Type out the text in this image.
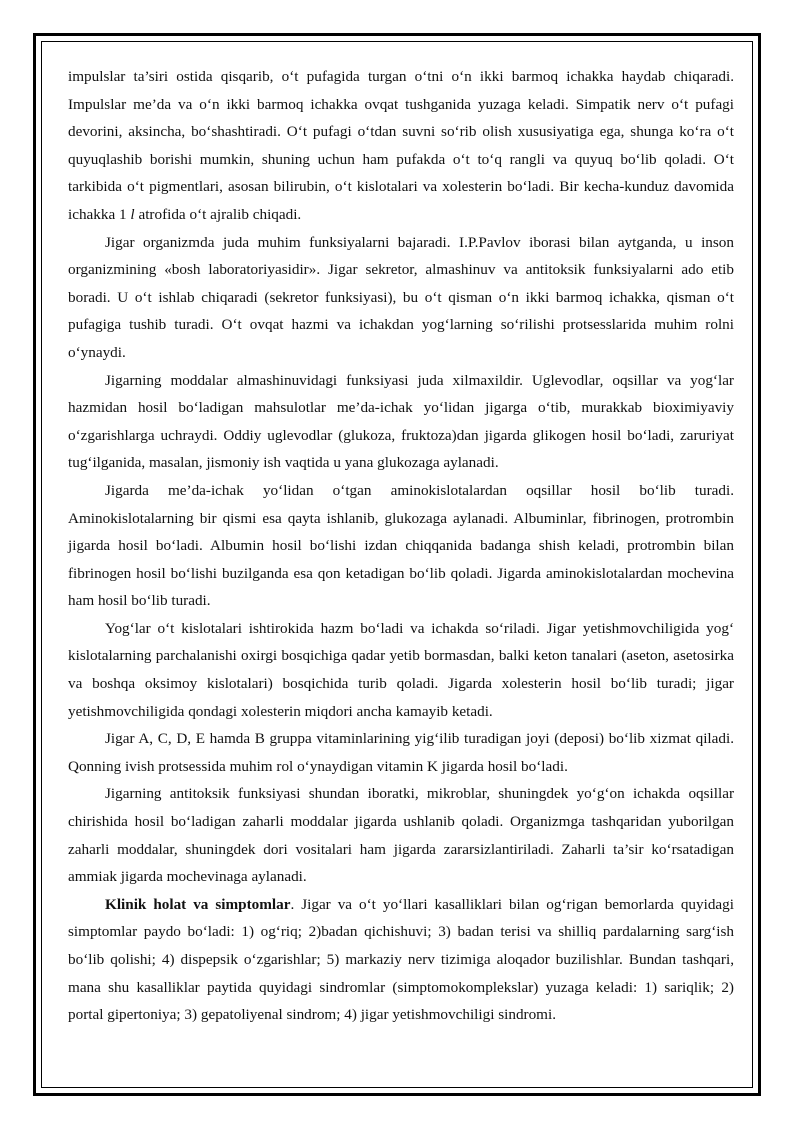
impulslar ta’siri ostida qisqarib, o‘t pufagida turgan o‘tni o‘n ikki barmoq ichakka haydab chiqaradi. Impulslar me’da va o‘n ikki barmoq ichakka ovqat tushganida yuzaga keladi. Simpatik nerv o‘t pufagi devorini, aksincha, bo‘shashtiradi. O‘t pufagi o‘tdan suvni so‘rib olish xususiyatiga ega, shunga ko‘ra o‘t quyuqlashib borishi mumkin, shuning uchun ham pufakda o‘t to‘q rangli va quyuq bo‘lib qoladi. O‘t tarkibida o‘t pigmentlari, asosan bilirubin, o‘t kislotalari va xolesterin bo‘ladi. Bir kecha-kunduz davomida ichakka 1 l atrofida o‘t ajralib chiqadi.

Jigar organizmda juda muhim funksiyalarni bajaradi. I.P.Pavlov iborasi bilan aytganda, u inson organizmining «bosh laboratoriyasidir». Jigar sekretor, almashinuv va antitoksik funksiyalarni ado etib boradi. U o‘t ishlab chiqaradi (sekretor funksiyasi), bu o‘t qisman o‘n ikki barmoq ichakka, qisman o‘t pufagiga tushib turadi. O‘t ovqat hazmi va ichakdan yog‘larning so‘rilishi protsesslarida muhim rolni o‘ynaydi.

Jigarning moddalar almashinuvidagi funksiyasi juda xilmaxildir. Uglevodlar, oqsillar va yog‘lar hazmidan hosil bo‘ladigan mahsulotlar me’da-ichak yo‘lidan jigarga o‘tib, murakkab bioximiyaviy o‘zgarishlarga uchraydi. Oddiy uglevodlar (glukoza, fruktoza)dan jigarda glikogen hosil bo‘ladi, zaruriyat tug‘ilganida, masalan, jismoniy ish vaqtida u yana glukozaga aylanadi.

Jigarda me’da-ichak yo‘lidan o‘tgan aminokislotalardan oqsillar hosil bo‘lib turadi. Aminokislotalarning bir qismi esa qayta ishlanib, glukozaga aylanadi. Albuminlar, fibrinogen, protrombin jigarda hosil bo‘ladi. Albumin hosil bo‘lishi izdan chiqqanida badanga shish keladi, protrombin bilan fibrinogen hosil bo‘lishi buzilganda esa qon ketadigan bo‘lib qoladi. Jigarda aminokislotalardan mochevina ham hosil bo‘lib turadi.

Yog‘lar o‘t kislotalari ishtirokida hazm bo‘ladi va ichakda so‘riladi. Jigar yetishmovchiligida yog‘ kislotalarning parchalanishi oxirgi bosqichiga qadar yetib bormasdan, balki keton tanalari (aseton, asetosirka va boshqa oksimoy kislotalari) bosqichida turib qoladi. Jigarda xolesterin hosil bo‘lib turadi; jigar yetishmovchiligida qondagi xolesterin miqdori ancha kamayib ketadi.

Jigar A, C, D, E hamda B gruppa vitaminlarining yig‘ilib turadigan joyi (deposi) bo‘lib xizmat qiladi. Qonning ivish protsessida muhim rol o‘ynaydigan vitamin K jigarda hosil bo‘ladi.

Jigarning antitoksik funksiyasi shundan iboratki, mikroblar, shuningdek yo‘g‘on ichakda oqsillar chirishida hosil bo‘ladigan zaharli moddalar jigarda ushlanib qoladi. Organizmga tashqaridan yuborilgan zaharli moddalar, shuningdek dori vositalari ham jigarda zararsizlantiriladi. Zaharli ta’sir ko‘rsatadigan ammiak jigarda mochevinaga aylanadi.

Klinik holat va simptomlar. Jigar va o‘t yo‘llari kasalliklari bilan og‘rigan bemorlarda quyidagi simptomlar paydo bo‘ladi: 1) og‘riq; 2)badan qichishuvi; 3) badan terisi va shilliq pardalarning sarg‘ish bo‘lib qolishi; 4) dispepsik o‘zgarishlar; 5) markaziy nerv tizimiga aloqador buzilishlar. Bundan tashqari, mana shu kasalliklar paytida quyidagi sindromlar (simptomokomplekslar) yuzaga keladi: 1) sariqlik; 2) portal gipertoniya; 3) gepatoliyenal sindrom; 4) jigar yetishmovchiligi sindromi.
